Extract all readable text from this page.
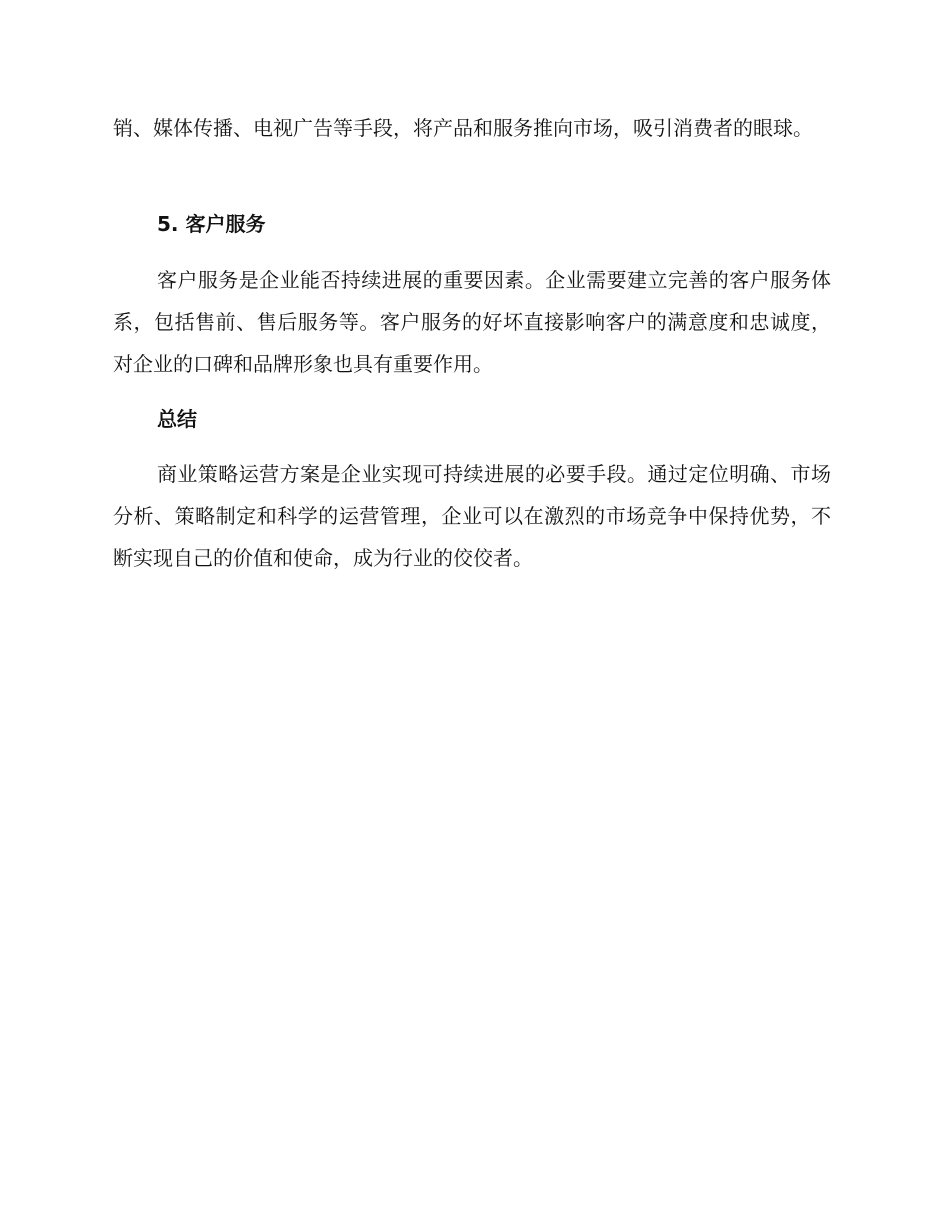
销、媒体传播、电视广告等手段，将产品和服务推向市场，吸引消费者的眼球。

5. 客户服务

客户服务是企业能否持续进展的重要因素。企业需要建立完善的客户服务体系，包括售前、售后服务等。客户服务的好坏直接影响客户的满意度和忠诚度，对企业的口碑和品牌形象也具有重要作用。

总结

商业策略运营方案是企业实现可持续进展的必要手段。通过定位明确、市场分析、策略制定和科学的运营管理，企业可以在激烈的市场竞争中保持优势，不断实现自己的价值和使命，成为行业的佼佼者。
